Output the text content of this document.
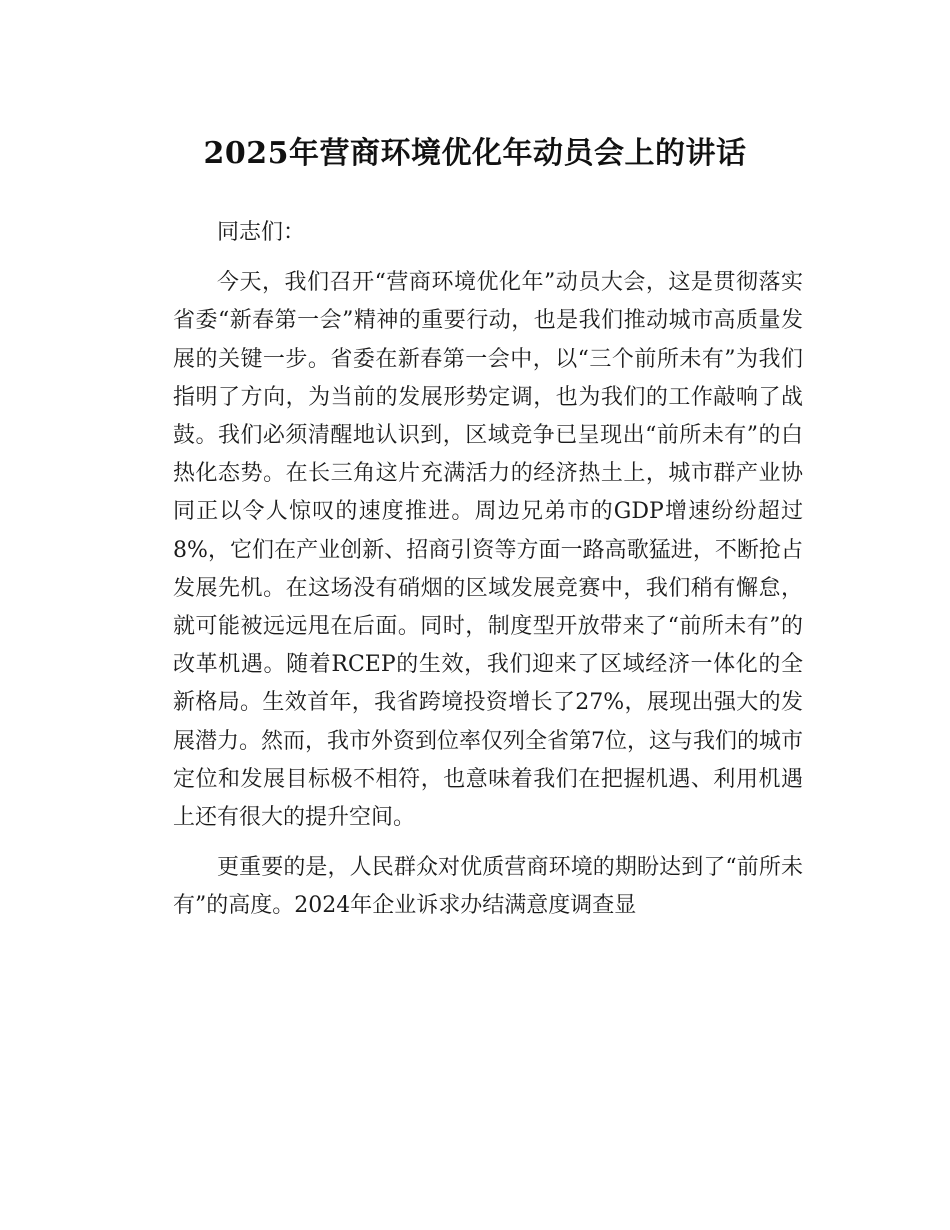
2025年营商环境优化年动员会上的讲话

同志们：

今天，我们召开“营商环境优化年”动员大会，这是贯彻落实省委“新春第一会”精神的重要行动，也是我们推动城市高质量发展的关键一步。省委在新春第一会中，以“三个前所未有”为我们指明了方向，为当前的发展形势定调，也为我们的工作敲响了战鼓。我们必须清醒地认识到，区域竞争已呈现出“前所未有”的白热化态势。在长三角这片充满活力的经济热土上，城市群产业协同正以令人惊叹的速度推进。周边兄弟市的GDP增速纷纷超过8%，它们在产业创新、招商引资等方面一路高歌猛进，不断抢占发展先机。在这场没有硝烟的区域发展竞赛中，我们稍有懈怠，就可能被远远甩在后面。同时，制度型开放带来了“前所未有”的改革机遇。随着RCEP的生效，我们迎来了区域经济一体化的全新格局。生效首年，我省跨境投资增长了27%，展现出强大的发展潜力。然而，我市外资到位率仅列全省第7位，这与我们的城市定位和发展目标极不相符，也意味着我们在把握机遇、利用机遇上还有很大的提升空间。

更重要的是，人民群众对优质营商环境的期盼达到了“前所未有”的高度。2024年企业诉求办结满意度调查显
